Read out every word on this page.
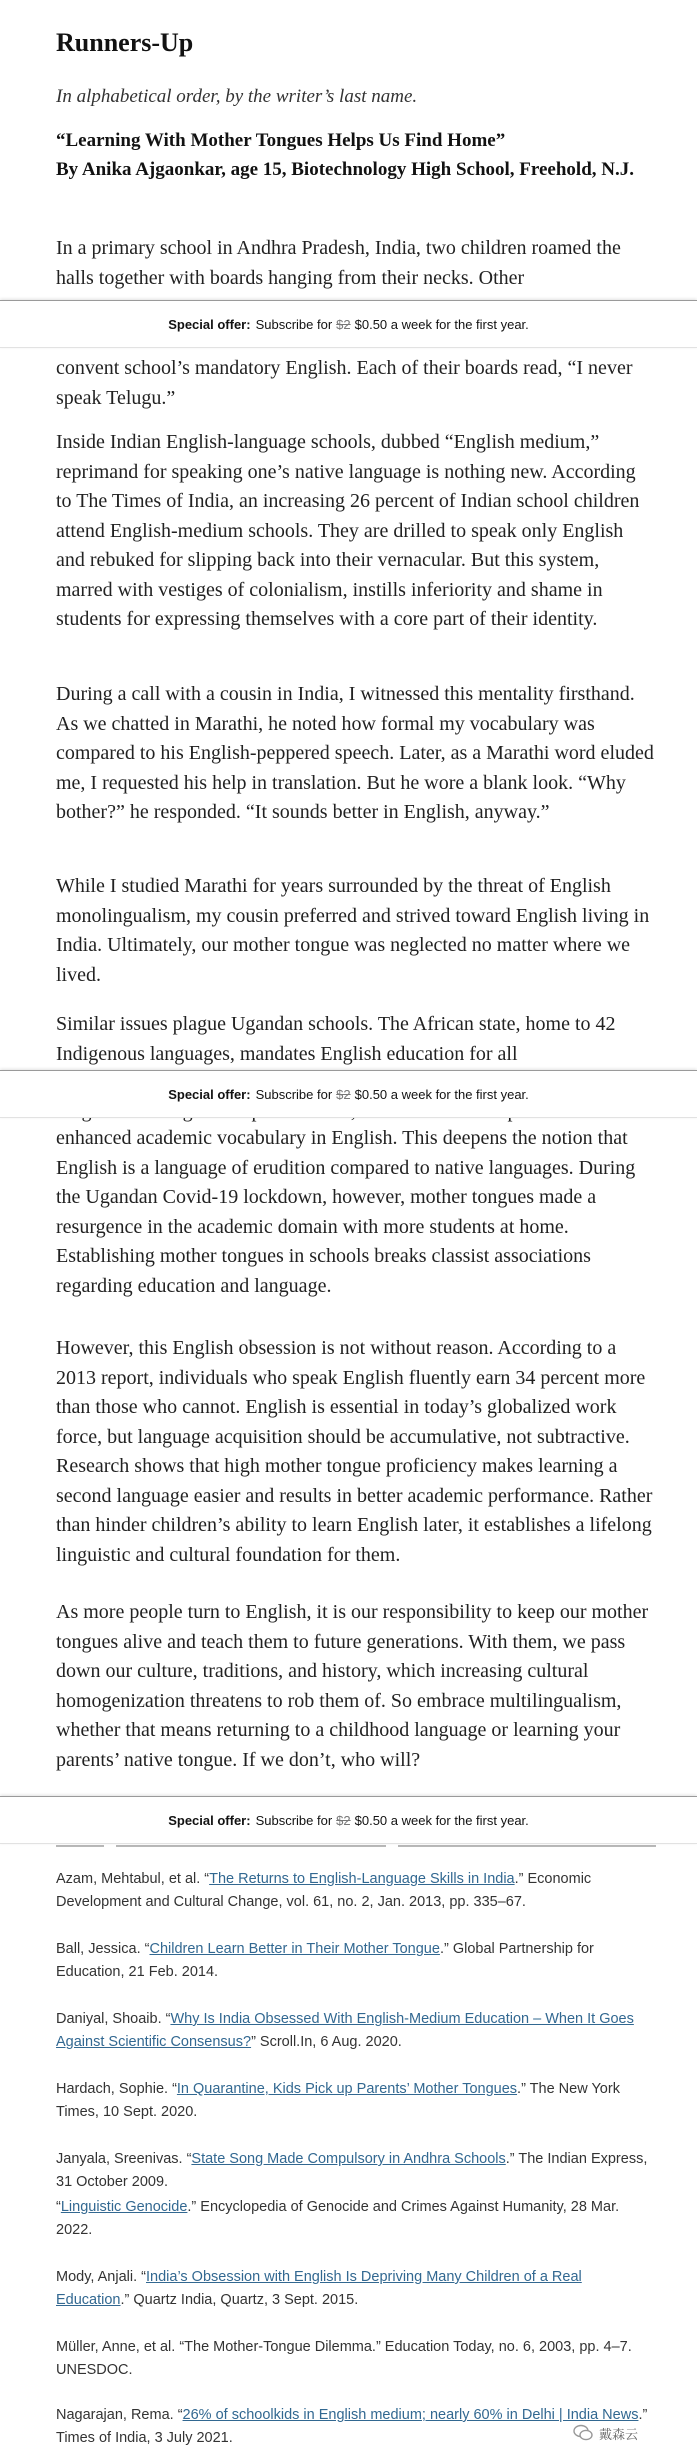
Runners-Up
In alphabetical order, by the writer’s last name.
“Learning With Mother Tongues Helps Us Find Home”
By Anika Ajgaonkar, age 15, Biotechnology High School, Freehold, N.J.

In a primary school in Andhra Pradesh, India, two children roamed the halls together with boards hanging from their necks. Other

Special offer: Subscribe for $2 $0.50 a week for the first year.

convent school’s mandatory English. Each of their boards read, “I never speak Telugu.”

Inside Indian English-language schools, dubbed “English medium,” reprimand for speaking one’s native language is nothing new. According to The Times of India, an increasing 26 percent of Indian school children attend English-medium schools. They are drilled to speak only English and rebuked for slipping back into their vernacular. But this system, marred with vestiges of colonialism, instills inferiority and shame in students for expressing themselves with a core part of their identity.

During a call with a cousin in India, I witnessed this mentality firsthand. As we chatted in Marathi, he noted how formal my vocabulary was compared to his English-peppered speech. Later, as a Marathi word eluded me, I requested his help in translation. But he wore a blank look. “Why bother?” he responded. “It sounds better in English, anyway.”

While I studied Marathi for years surrounded by the threat of English monolingualism, my cousin preferred and strived toward English living in India. Ultimately, our mother tongue was neglected no matter where we lived.

Similar issues plague Ugandan schools. The African state, home to 42 Indigenous languages, mandates English education for all

Special offer: Subscribe for $2 $0.50 a week for the first year.

enhanced academic vocabulary in English. This deepens the notion that English is a language of erudition compared to native languages. During the Ugandan Covid-19 lockdown, however, mother tongues made a resurgence in the academic domain with more students at home. Establishing mother tongues in schools breaks classist associations regarding education and language.

However, this English obsession is not without reason. According to a 2013 report, individuals who speak English fluently earn 34 percent more than those who cannot. English is essential in today’s globalized work force, but language acquisition should be accumulative, not subtractive. Research shows that high mother tongue proficiency makes learning a second language easier and results in better academic performance. Rather than hinder children’s ability to learn English later, it establishes a lifelong linguistic and cultural foundation for them.

As more people turn to English, it is our responsibility to keep our mother tongues alive and teach them to future generations. With them, we pass down our culture, traditions, and history, which increasing cultural homogenization threatens to rob them of. So embrace multilingualism, whether that means returning to a childhood language or learning your parents’ native tongue. If we don’t, who will?

Special offer: Subscribe for $2 $0.50 a week for the first year.

Azam, Mehtabul, et al. “The Returns to English-Language Skills in India.” Economic Development and Cultural Change, vol. 61, no. 2, Jan. 2013, pp. 335–67.

Ball, Jessica. “Children Learn Better in Their Mother Tongue.” Global Partnership for Education, 21 Feb. 2014.

Daniyal, Shoaib. “Why Is India Obsessed With English-Medium Education – When It Goes Against Scientific Consensus?” Scroll.In, 6 Aug. 2020.

Hardach, Sophie. “In Quarantine, Kids Pick up Parents’ Mother Tongues.” The New York Times, 10 Sept. 2020.

Janyala, Sreenivas. “State Song Made Compulsory in Andhra Schools.” The Indian Express, 31 October 2009.

“Linguistic Genocide.” Encyclopedia of Genocide and Crimes Against Humanity, 28 Mar. 2022.

Mody, Anjali. “India’s Obsession with English Is Depriving Many Children of a Real Education.” Quartz India, Quartz, 3 Sept. 2015.

Müller, Anne, et al. “The Mother-Tongue Dilemma.” Education Today, no. 6, 2003, pp. 4–7. UNESDOC.

Nagarajan, Rema. “26% of schoolkids in English medium; nearly 60% in Delhi | India News.” Times of India, 3 July 2021.	戴森云
